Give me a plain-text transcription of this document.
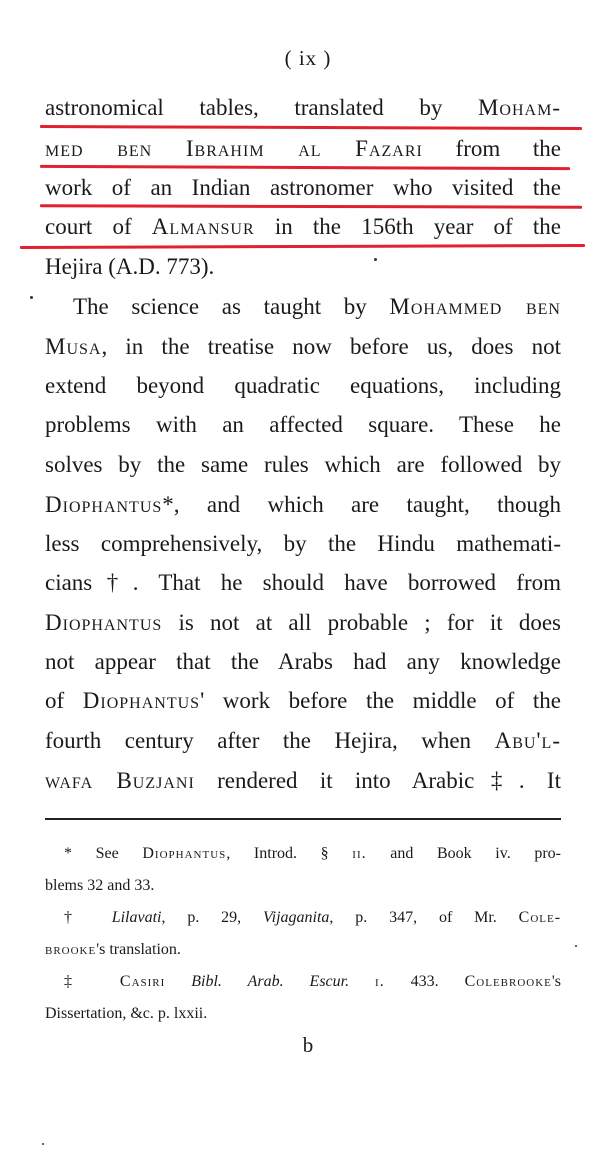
( ix )
astronomical tables, translated by Moham-
med ben Ibrahim al Fazari from the
work of an Indian astronomer who visited the
court of Almansur in the 156th year of the
Hejira (A.D. 773).
The science as taught by Mohammed ben
Musa, in the treatise now before us, does not
extend beyond quadratic equations, including
problems with an affected square. These he
solves by the same rules which are followed by
Diophantus*, and which are taught, though
less comprehensively, by the Hindu mathemati-
cians†. That he should have borrowed from
Diophantus is not at all probable ; for it does
not appear that the Arabs had any knowledge
of Diophantus' work before the middle of the
fourth century after the Hejira, when Abu'l-
wafa Buzjani rendered it into Arabic‡. It
* See Diophantus, Introd. § ii. and Book iv. pro-
blems 32 and 33.
† Lilavati, p. 29, Vijaganita, p. 347, of Mr. Cole-
brooke's translation.
‡ Casiri Bibl. Arab. Escur. i. 433. Colebrooke's
Dissertation, &c. p. lxxii.
b
